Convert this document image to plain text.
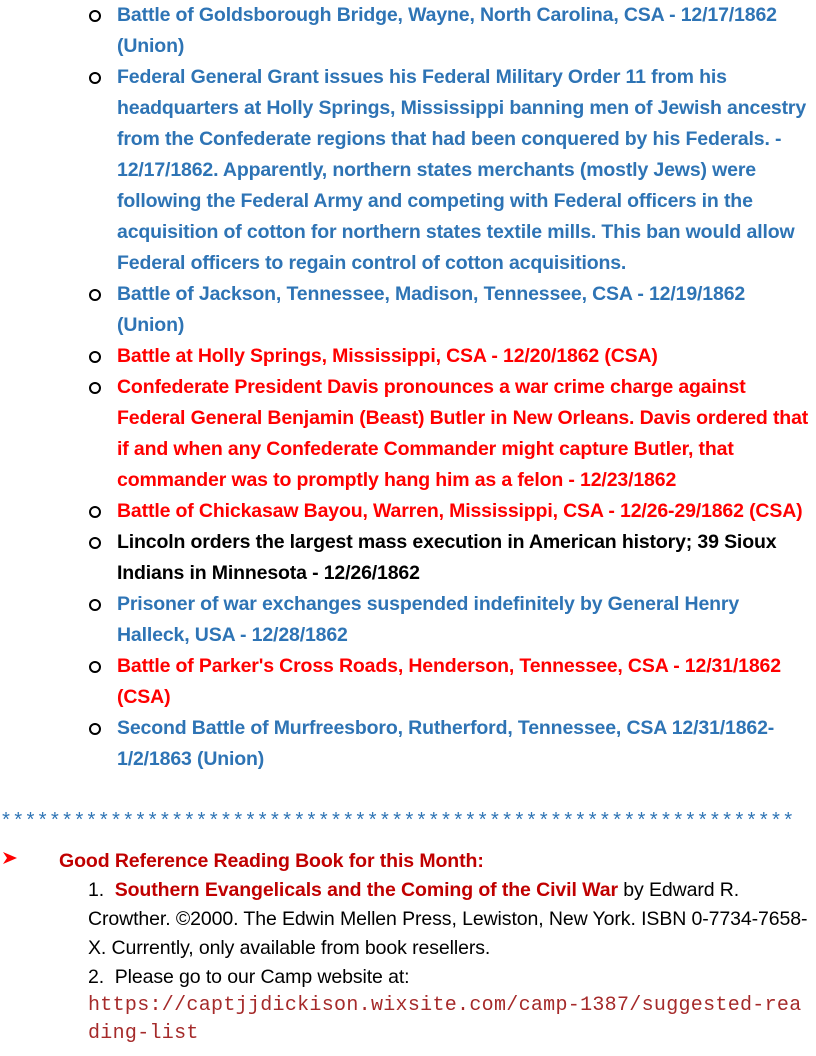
Battle of Goldsborough Bridge, Wayne, North Carolina, CSA - 12/17/1862 (Union)
Federal General Grant issues his Federal Military Order 11 from his headquarters at Holly Springs, Mississippi banning men of Jewish ancestry from the Confederate regions that had been conquered by his Federals. - 12/17/1862. Apparently, northern states merchants (mostly Jews) were following the Federal Army and competing with Federal officers in the acquisition of cotton for northern states textile mills. This ban would allow Federal officers to regain control of cotton acquisitions.
Battle of Jackson, Tennessee, Madison, Tennessee, CSA - 12/19/1862 (Union)
Battle at Holly Springs, Mississippi, CSA - 12/20/1862 (CSA)
Confederate President Davis pronounces a war crime charge against Federal General Benjamin (Beast) Butler in New Orleans. Davis ordered that if and when any Confederate Commander might capture Butler, that commander was to promptly hang him as a felon - 12/23/1862
Battle of Chickasaw Bayou, Warren, Mississippi, CSA - 12/26-29/1862 (CSA)
Lincoln orders the largest mass execution in American history; 39 Sioux Indians in Minnesota - 12/26/1862
Prisoner of war exchanges suspended indefinitely by General Henry Halleck, USA - 12/28/1862
Battle of Parker's Cross Roads, Henderson, Tennessee, CSA - 12/31/1862 (CSA)
Second Battle of Murfreesboro, Rutherford, Tennessee, CSA 12/31/1862-1/2/1863 (Union)
*****************************************************************
Good Reference Reading Book for this Month:
1. Southern Evangelicals and the Coming of the Civil War by Edward R. Crowther. ©2000. The Edwin Mellen Press, Lewiston, New York. ISBN 0-7734-7658-X. Currently, only available from book resellers.
2. Please go to our Camp website at:
https://captjjdickison.wixsite.com/camp-1387/suggested-reading-list
